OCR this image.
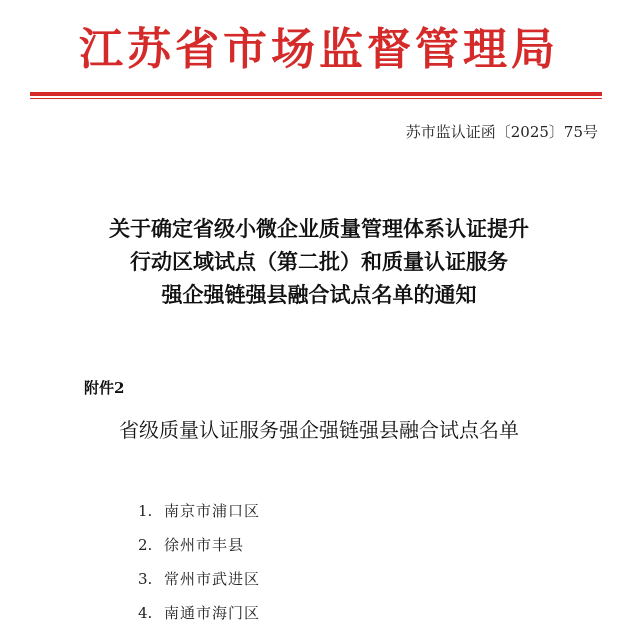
江苏省市场监督管理局
苏市监认证函〔2025〕75号
关于确定省级小微企业质量管理体系认证提升
行动区域试点（第二批）和质量认证服务
强企强链强县融合试点名单的通知
附件2
省级质量认证服务强企强链强县融合试点名单
1. 南京市浦口区
2. 徐州市丰县
3. 常州市武进区
4. 南通市海门区
